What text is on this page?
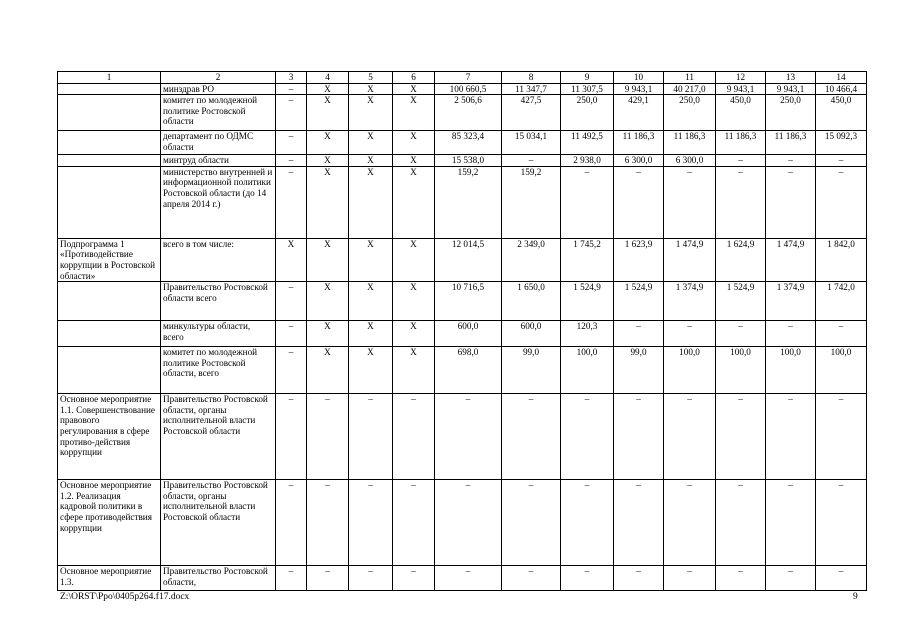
1	2	3	4	5	6	7	8	9	10	11	12	13	14
	минздрав РО	–	Х	Х	Х	100 660,5	11 347,7	11 307,5	9 943,1	40 217,0	9 943,1	9 943,1	10 466,4
	комитет по молодежной политике Ростовской области	–	Х	Х	Х	2 506,6	427,5	250,0	429,1	250,0	450,0	250,0	450,0
	департамент по ОДМС области	–	Х	Х	Х	85 323,4	15 034,1	11 492,5	11 186,3	11 186,3	11 186,3	11 186,3	15 092,3
	минтруд области	–	Х	Х	Х	15 538,0	–	2 938,0	6 300,0	6 300,0	–	–	–
	министерство внутренней и информационной политики Ростовской области (до 14 апреля 2014 г.)	–	Х	Х	Х	159,2	159,2	–	–	–	–	–	–
Подпрограмма 1 «Противодействие коррупции в Ростовской области»	всего в том числе:	Х	Х	Х	Х	12 014,5	2 349,0	1 745,2	1 623,9	1 474,9	1 624,9	1 474,9	1 842,0
	Правительство Ростовской области всего	–	Х	Х	Х	10 716,5	1 650,0	1 524,9	1 524,9	1 374,9	1 524,9	1 374,9	1 742,0
	минкультуры области, всего	–	Х	Х	Х	600,0	600,0	120,3	–	–	–	–	–
	комитет по молодежной политике Ростовской области, всего	–	Х	Х	Х	698,0	99,0	100,0	99,0	100,0	100,0	100,0	100,0
Основное мероприятие 1.1. Совершенствование правового регулирования в сфере противо-действия коррупции	Правительство Ростовской области, органы исполнительной власти Ростовской области	–	–	–	–	–	–	–	–	–	–	–	–
Основное мероприятие 1.2. Реализация кадровой политики в сфере противодействия коррупции	Правительство Ростовской области, органы исполнительной власти Ростовской области	–	–	–	–	–	–	–	–	–	–	–	–
Основное мероприятие 1.3.	Правительство Ростовской области,	–	–	–	–	–	–	–	–	–	–	–	–
Z:\ORST\Ppo\0405p264.f17.docx	9
